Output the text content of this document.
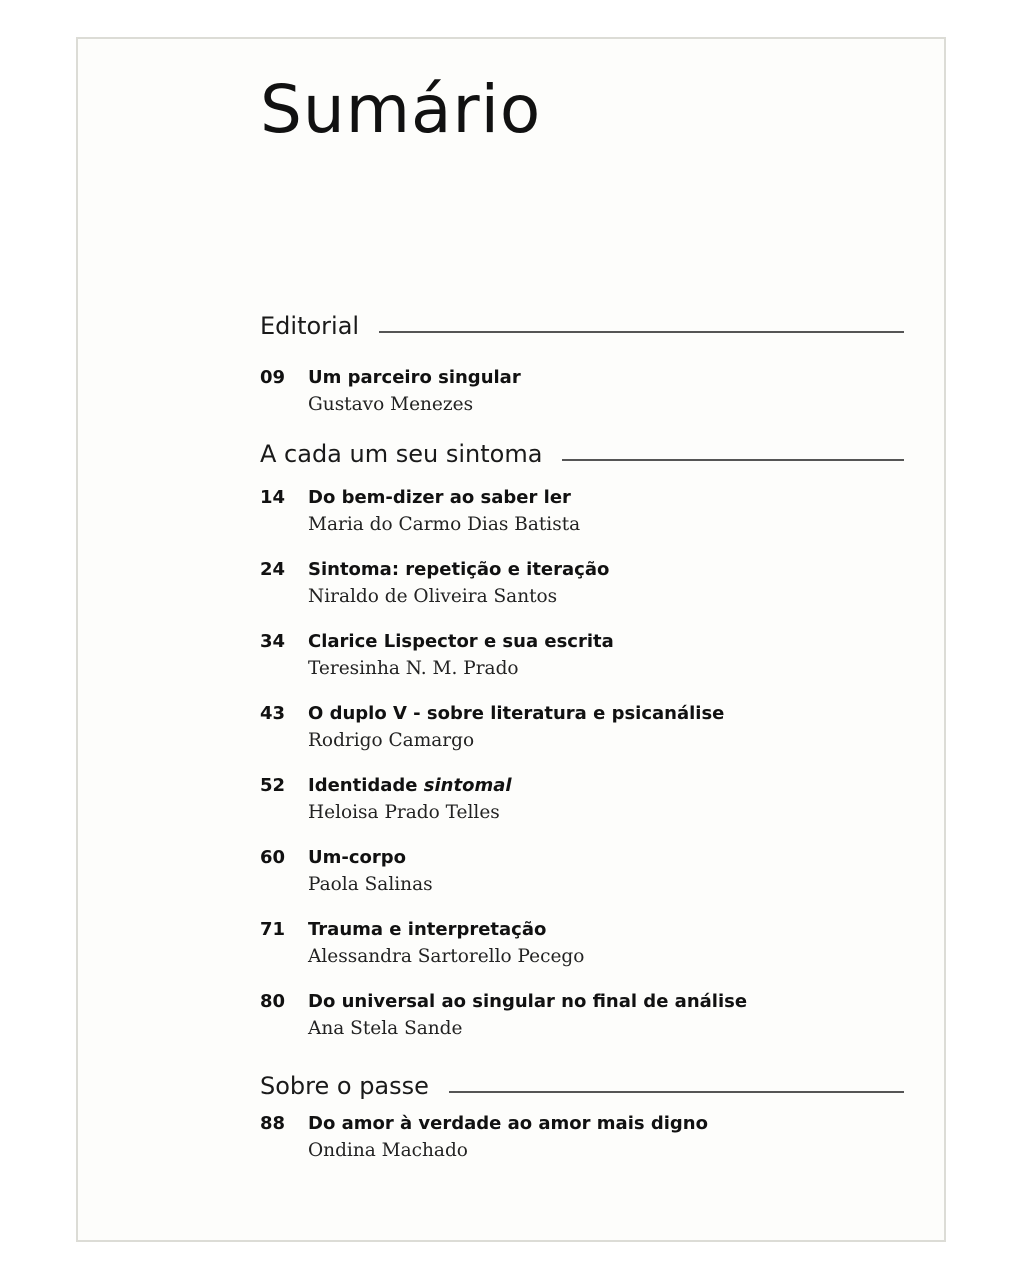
Sumário
Editorial
09	Um parceiro singular
Gustavo Menezes
A cada um seu sintoma
14	Do bem-dizer ao saber ler
Maria do Carmo Dias Batista
24	Sintoma: repetição e iteração
Niraldo de Oliveira Santos
34	Clarice Lispector e sua escrita
Teresinha N. M. Prado
43	O duplo V - sobre literatura e psicanálise
Rodrigo Camargo
52	Identidade sintomal
Heloisa Prado Telles
60	Um-corpo
Paola Salinas
71	Trauma e interpretação
Alessandra Sartorello Pecego
80	Do universal ao singular no final de análise
Ana Stela Sande
Sobre o passe
88	Do amor à verdade ao amor mais digno
Ondina Machado
